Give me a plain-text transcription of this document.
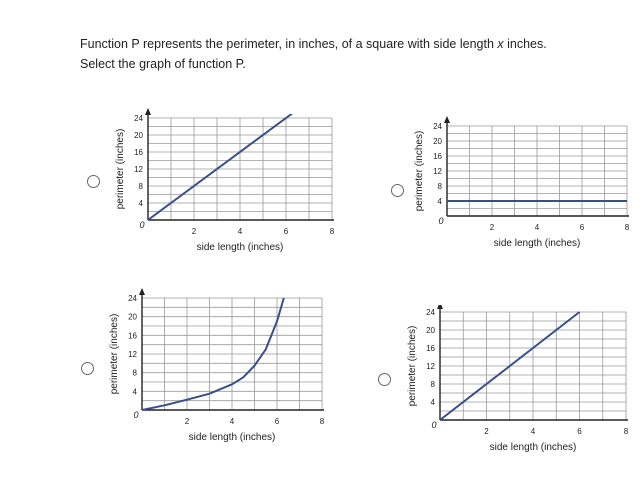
Function P represents the perimeter, in inches, of a square with side length x inches.
Select the graph of function P.
2	4	6	8
4
8
12
16
20
24
0
side length (inches)
perimeter (inches)
2	4	6	8
4
8
12
16
20
24
0
side length (inches)
perimeter (inches)
2	4	6	8
4
8
12
16
20
24
0
side length (inches)
perimeter (inches)
2	4	6	8
4
8
12
16
20
24
0
side length (inches)
perimeter (inches)
